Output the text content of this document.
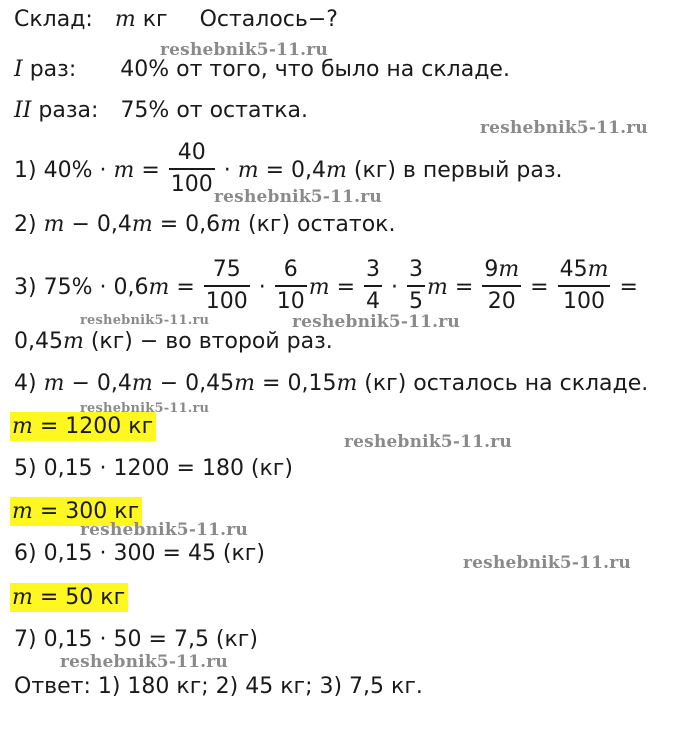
Склад: m кг Осталось−?
I раз: 40% от того, что было на складе.
II раза: 75% от остатка.
1) $40\% \cdot m = \frac{40}{100} \cdot m = 0,4m$ (кг) в первый раз.
2) m − 0,4m = 0,6m (кг) остаток.
3) $75\% \cdot 0,6m = \frac{75}{100} \cdot \frac{6}{10}$ $m = \frac{3}{4} \cdot \frac{3}{5}$ $m = \frac{9m}{20} = \frac{45m}{100}$ =
0,45m (кг) − во второй раз.
4) m − 0,4m − 0,45m = 0,15m (кг) осталось на складе.
m = 1200 кг
5) 0,15 · 1200 = 180 (кг)
m = 300 кг
6) 0,15 · 300 = 45 (кг)
m = 50 кг
7) 0,15 · 50 = 7,5 (кг)
Ответ: 1) 180 кг; 2) 45 кг; 3) 7,5 кг.
reshebnik5-11.ru
reshebnik5-11.ru
reshebnik5-11.ru
reshebnik5-11.ru	reshebnik5-11.ru
reshebnik5-11.ru
reshebnik5-11.ru
reshebnik5-11.ru
reshebnik5-11.ru
reshebnik5-11.ru
